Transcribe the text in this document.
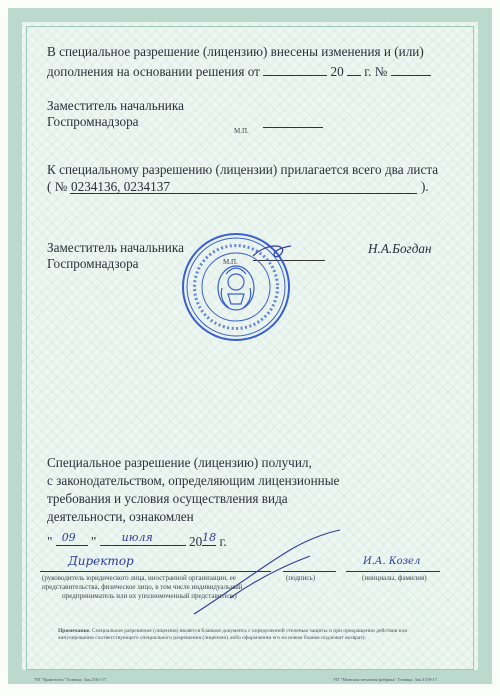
В специальное разрешение (лицензию) внесены изменения и (или)
дополнения на основании решения от	20 г. №
Заместитель начальника
Госпромнадзора
М.П.
К специальному разрешению (лицензии) прилагается всего два листа
( № 0234136, 0234137	).
Заместитель начальника
Госпромнадзора	М.П.
Н.А.Богдан
Специальное разрешение (лицензию) получил,
с законодательством, определяющим лицензионные
требования и условия осуществления вида
деятельности, ознакомлен
" 09 " июля	20 18 г.
Директор	И.А. Козел
(руководитель юридического лица, иностранной организации, ее
представительства, физическое лицо, в том числе индивидуальный
предприниматель или их уполномоченный представитель)
(подпись)	(инициалы, фамилия)
Примечание. Специальное разрешение (лицензия) является бланком документа с определенной степенью защиты и при прекращении действия или аннулировании соответствующего специального разрешения (лицензии) либо оформлении его на новом бланке подлежит возврату.
УП "Криптотех" Гознака. Зак.2561-17.	УП "Минская печатная фабрика" Гознака. Зак.3159-17.
